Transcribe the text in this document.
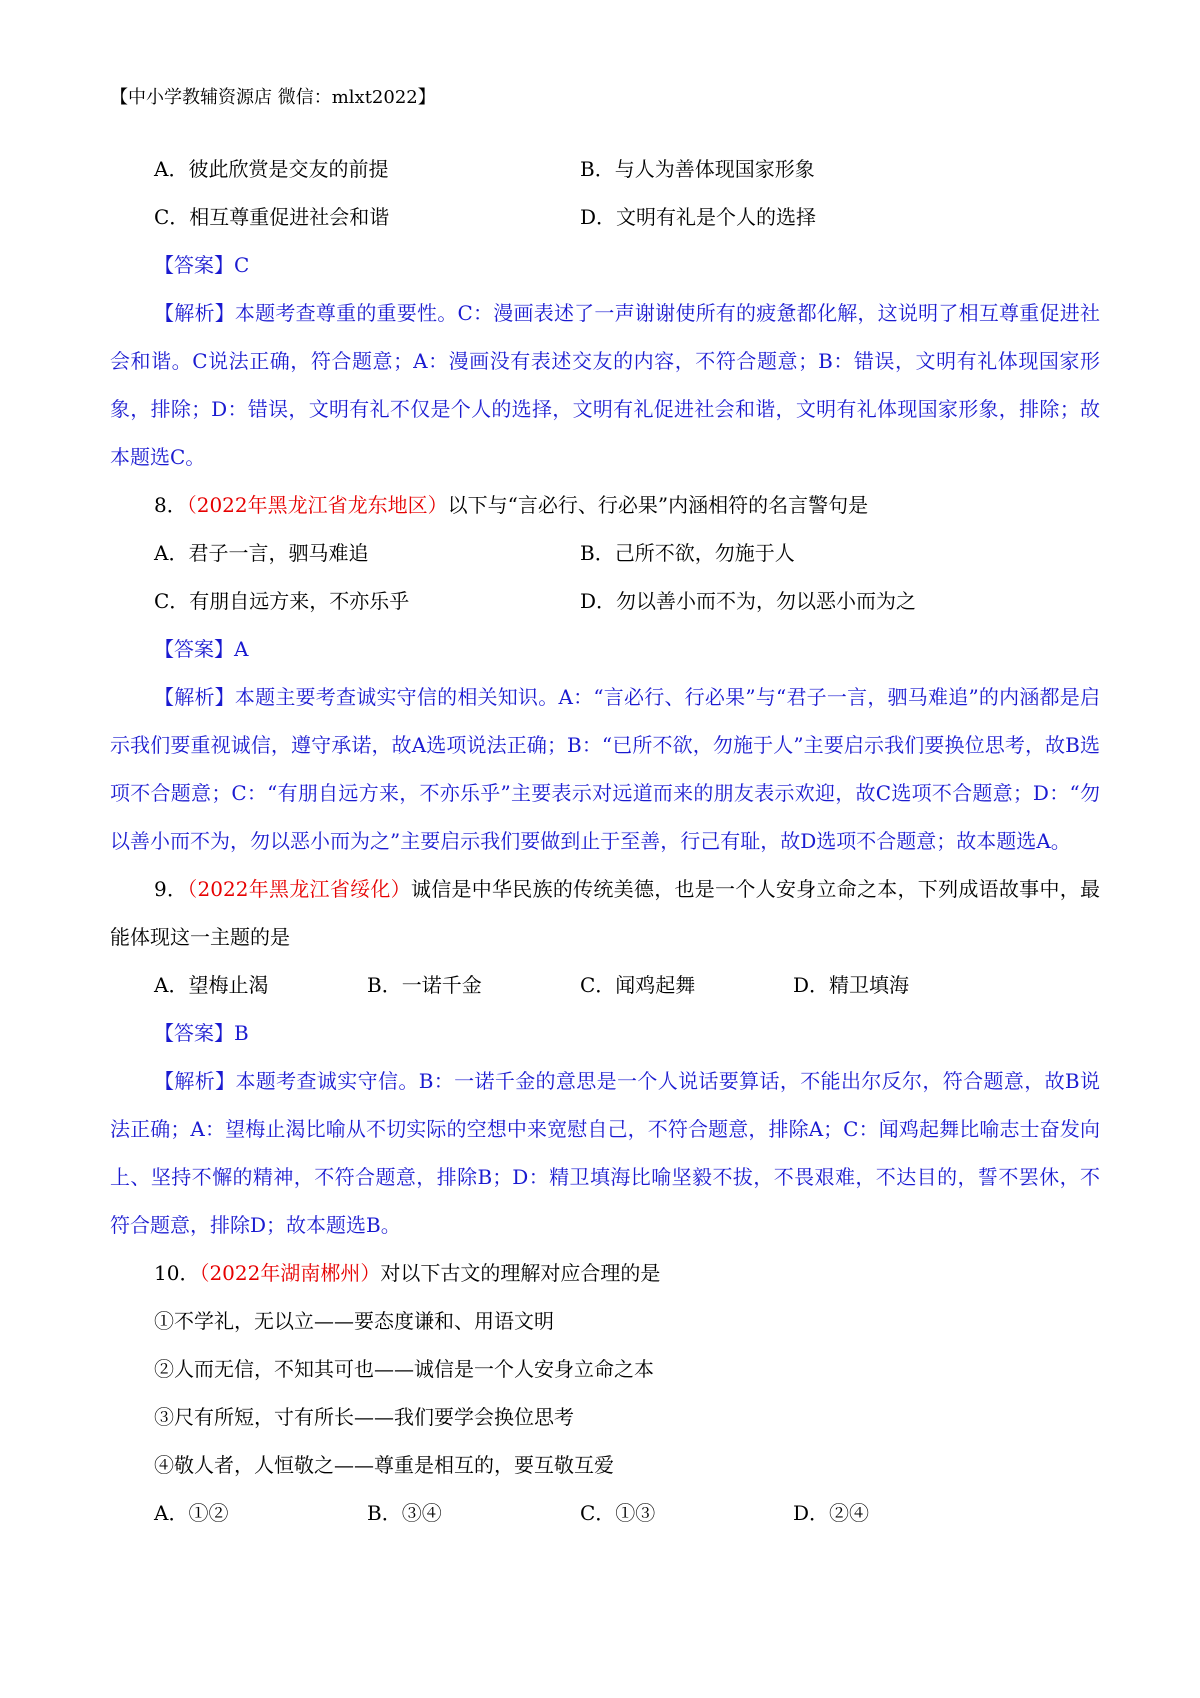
【中小学教辅资源店 微信：mlxt2022】
A．彼此欣赏是交友的前提	B．与人为善体现国家形象
C．相互尊重促进社会和谐	D．文明有礼是个人的选择
【答案】C

【解析】本题考查尊重的重要性。C：漫画表述了一声谢谢使所有的疲惫都化解，这说明了相互尊重促进社会和谐。C说法正确，符合题意；A：漫画没有表述交友的内容，不符合题意；B：错误，文明有礼体现国家形象，排除；D：错误，文明有礼不仅是个人的选择，文明有礼促进社会和谐，文明有礼体现国家形象，排除；故本题选C。

8．（2022年黑龙江省龙东地区）以下与“言必行、行必果”内涵相符的名言警句是
A．君子一言，驷马难追	B．己所不欲，勿施于人
C．有朋自远方来，不亦乐乎	D．勿以善小而不为，勿以恶小而为之
【答案】A

【解析】本题主要考查诚实守信的相关知识。A：“言必行、行必果”与“君子一言，驷马难追”的内涵都是启示我们要重视诚信，遵守承诺，故A选项说法正确；B：“已所不欲，勿施于人”主要启示我们要换位思考，故B选项不合题意；C：“有朋自远方来，不亦乐乎”主要表示对远道而来的朋友表示欢迎，故C选项不合题意；D：“勿以善小而不为，勿以恶小而为之”主要启示我们要做到止于至善，行己有耻，故D选项不合题意；故本题选A。

9．（2022年黑龙江省绥化）诚信是中华民族的传统美德，也是一个人安身立命之本，下列成语故事中，最能体现这一主题的是

A．望梅止渴	B．一诺千金	C．闻鸡起舞	D．精卫填海
【答案】B

【解析】本题考查诚实守信。B：一诺千金的意思是一个人说话要算话，不能出尔反尔，符合题意，故B说法正确；A：望梅止渴比喻从不切实际的空想中来宽慰自己，不符合题意，排除A；C：闻鸡起舞比喻志士奋发向上、坚持不懈的精神，不符合题意，排除B；D：精卫填海比喻坚毅不拔，不畏艰难，不达目的，誓不罢休，不符合题意，排除D；故本题选B。

10．（2022年湖南郴州）对以下古文的理解对应合理的是
①不学礼，无以立——要态度谦和、用语文明
②人而无信，不知其可也——诚信是一个人安身立命之本
③尺有所短，寸有所长——我们要学会换位思考
④敬人者，人恒敬之——尊重是相互的，要互敬互爱
A．①②	B．③④	C．①③	D．②④
